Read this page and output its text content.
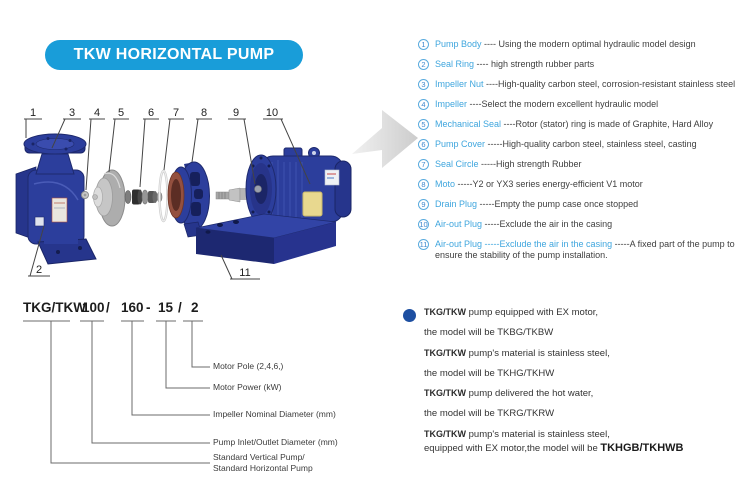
TKW HORIZONTAL PUMP
1	3 4 5 6 7 8 9 10
2	11
1	Pump Body ---- Using the modern optimal hydraulic model design
2	Seal Ring ---- high strength rubber parts
3	Impeller Nut ----High-quality carbon steel, corrosion-resistant stainless steel
4	Impeller ----Select the modern excellent hydraulic model
5	Mechanical Seal ----Rotor (stator) ring is made of Graphite, Hard Alloy
6	Pump Cover -----High-quality carbon steel, stainless steel, casting
7	Seal Circle -----High strength Rubber
8	Moto -----Y2 or YX3 series energy-efficient V1 motor
9	Drain Plug -----Empty the pump case once stopped
10 Air-out Plug -----Exclude the air in the casing
11 Air-out Plug -----Exclude the air in the casing -----A fixed part of the pump to
ensure the stability of the pump installation.
TKG/TKW
100 / 160 - 15 / 2
Motor Pole (2,4,6,)
Motor Power (kW)
Impeller Nominal Diameter (mm)
Pump Inlet/Outlet Diameter (mm)
Standard Vertical Pump/
Standard Horizontal Pump
TKG/TKW pump equipped with EX motor,
the model will be TKBG/TKBW
TKG/TKW pump's material is stainless steel,
the model will be TKHG/TKHW
TKG/TKW pump delivered the hot water,
the model will be TKRG/TKRW
TKG/TKW pump's material is stainless steel,
equipped with EX motor,the model will be TKHGB/TKHWB
